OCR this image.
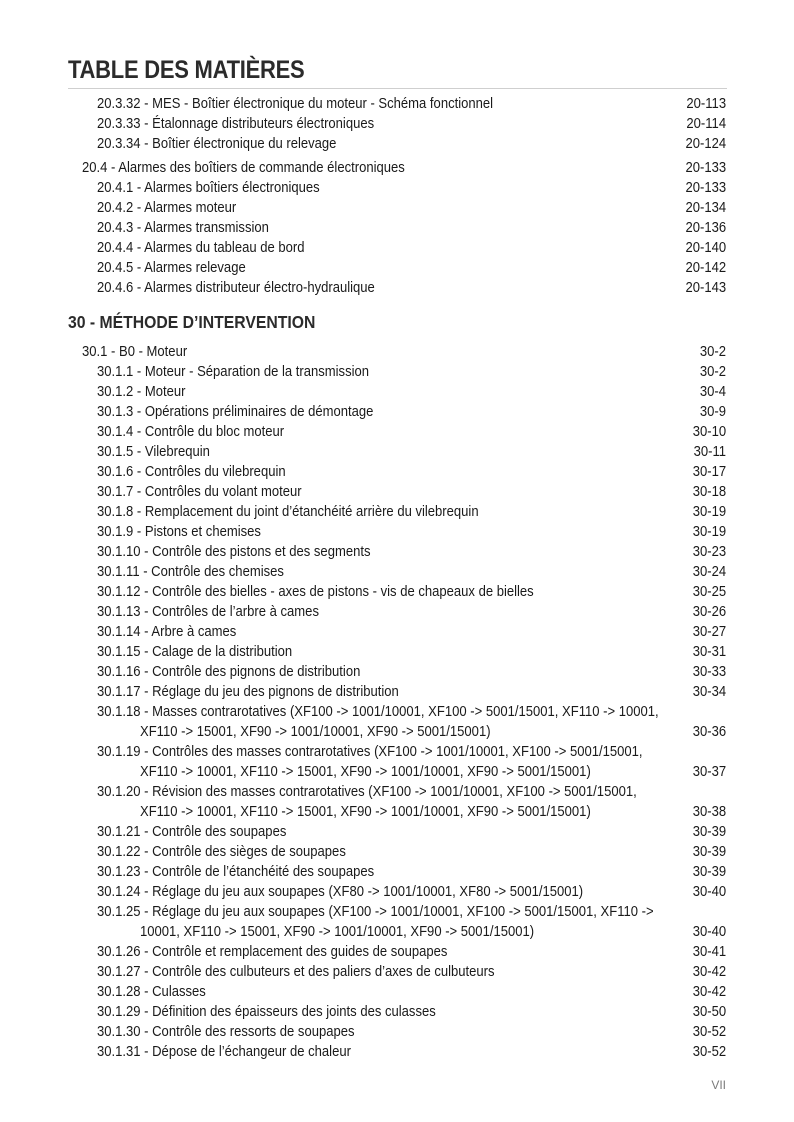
TABLE DES MATIÈRES
20.3.32 - MES - Boîtier électronique du moteur - Schéma fonctionnel	20-113
20.3.33 - Étalonnage distributeurs électroniques	20-114
20.3.34 - Boîtier électronique du relevage	20-124
20.4 - Alarmes des boîtiers de commande électroniques	20-133
20.4.1 - Alarmes boîtiers électroniques	20-133
20.4.2 - Alarmes moteur	20-134
20.4.3 - Alarmes transmission	20-136
20.4.4 - Alarmes du tableau de bord	20-140
20.4.5 - Alarmes relevage	20-142
20.4.6 - Alarmes distributeur électro-hydraulique	20-143
30 - MÉTHODE D’INTERVENTION
30.1 - B0 - Moteur	30-2
30.1.1 - Moteur - Séparation de la transmission	30-2
30.1.2 - Moteur	30-4
30.1.3 - Opérations préliminaires de démontage	30-9
30.1.4 - Contrôle du bloc moteur	30-10
30.1.5 - Vilebrequin	30-11
30.1.6 - Contrôles du vilebrequin	30-17
30.1.7 - Contrôles du volant moteur	30-18
30.1.8 - Remplacement du joint d’étanchéité arrière du vilebrequin	30-19
30.1.9 - Pistons et chemises	30-19
30.1.10 - Contrôle des pistons et des segments	30-23
30.1.11 - Contrôle des chemises	30-24
30.1.12 - Contrôle des bielles - axes de pistons - vis de chapeaux de bielles	30-25
30.1.13 - Contrôles de l’arbre à cames	30-26
30.1.14 - Arbre à cames	30-27
30.1.15 - Calage de la distribution	30-31
30.1.16 - Contrôle des pignons de distribution	30-33
30.1.17 - Réglage du jeu des pignons de distribution	30-34
30.1.18 - Masses contrarotatives (XF100 -> 1001/10001, XF100 -> 5001/15001, XF110 -> 10001,
XF110 -> 15001, XF90 -> 1001/10001, XF90 -> 5001/15001)	30-36
30.1.19 - Contrôles des masses contrarotatives (XF100 -> 1001/10001, XF100 -> 5001/15001,
XF110 -> 10001, XF110 -> 15001, XF90 -> 1001/10001, XF90 -> 5001/15001)	30-37
30.1.20 - Révision des masses contrarotatives (XF100 -> 1001/10001, XF100 -> 5001/15001,
XF110 -> 10001, XF110 -> 15001, XF90 -> 1001/10001, XF90 -> 5001/15001)	30-38
30.1.21 - Contrôle des soupapes	30-39
30.1.22 - Contrôle des sièges de soupapes	30-39
30.1.23 - Contrôle de l’étanchéité des soupapes	30-39
30.1.24 - Réglage du jeu aux soupapes (XF80 -> 1001/10001, XF80 -> 5001/15001)	30-40
30.1.25 - Réglage du jeu aux soupapes (XF100 -> 1001/10001, XF100 -> 5001/15001, XF110 ->
10001, XF110 -> 15001, XF90 -> 1001/10001, XF90 -> 5001/15001)	30-40
30.1.26 - Contrôle et remplacement des guides de soupapes	30-41
30.1.27 - Contrôle des culbuteurs et des paliers d’axes de culbuteurs	30-42
30.1.28 - Culasses	30-42
30.1.29 - Définition des épaisseurs des joints des culasses	30-50
30.1.30 - Contrôle des ressorts de soupapes	30-52
30.1.31 - Dépose de l’échangeur de chaleur	30-52
VII
